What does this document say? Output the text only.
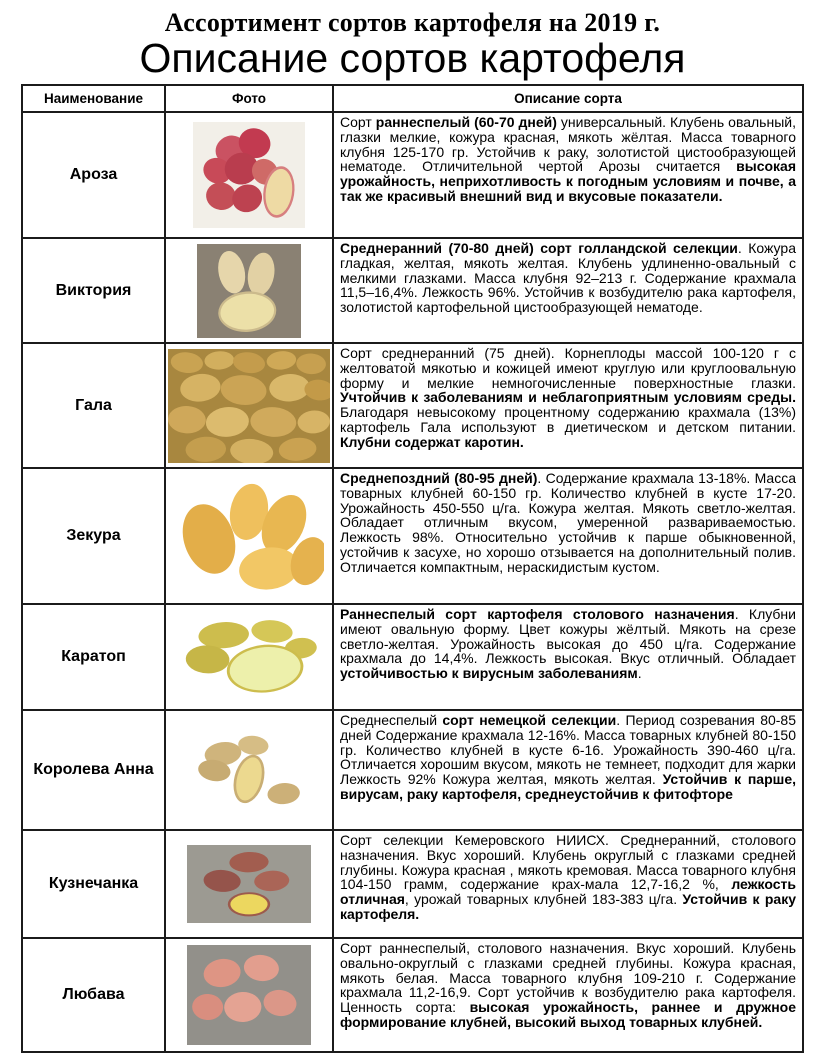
Ассортимент сортов картофеля на 2019 г.
Описание сортов картофеля
Наименование	Фото	Описание сорта
Ароза		Сорт раннеспелый (60-70 дней) универсальный. Клубень овальный, глазки мелкие, кожура красная, мякоть жёлтая. Масса товарного клубня 125-170 гр. Устойчив к раку, золотистой цистообразующей нематоде. Отличительной чертой Арозы считается высокая урожайность, неприхотливость к погодным условиям и почве, а так же красивый внешний вид и вкусовые показатели.
Виктория		Среднеранний (70-80 дней) сорт голландской селекции. Кожура гладкая, желтая, мякоть желтая. Клубень удлиненно-овальный с мелкими глазками. Масса клубня 92–213 г. Содержание крахмала 11,5–16,4%. Лежкость 96%. Устойчив к возбудителю рака картофеля, золотистой картофельной цистообразующей нематоде.
Гала		Сорт среднеранний (75 дней). Корнеплоды массой 100-120 г с желтоватой мякотью и кожицей имеют круглую или круглоовальную форму и мелкие немногочисленные поверхностные глазки. Учтойчив к заболеваниям и неблагоприятным условиям среды. Благодаря невысокому процентному содержанию крахмала (13%) картофель Гала используют в диетическом и детском питании. Клубни содержат каротин.
Зекура		Среднепоздний (80-95 дней). Содержание крахмала 13-18%. Масса товарных клубней 60-150 гр. Количество клубней в кусте 17-20. Урожайность 450-550 ц/га. Кожура желтая. Мякоть светло-желтая. Обладает отличным вкусом, умеренной развариваемостью. Лежкость 98%. Относительно устойчив к парше обыкновенной, устойчив к засухе, но хорошо отзывается на дополнительный полив. Отличается компактным, нераскидистым кустом.
Каратоп		Раннеспелый сорт картофеля столового назначения. Клубни имеют овальную форму. Цвет кожуры жёлтый. Мякоть на срезе светло-желтая. Урожайность высокая до 450 ц/га. Содержание крахмала до 14,4%. Лежкость высокая. Вкус отличный. Обладает устойчивостью к вирусным заболеваниям.
Королева Анна		Среднеспелый сорт немецкой селекции. Период созревания 80-85 дней Содержание крахмала 12-16%. Масса товарных клубней 80-150 гр. Количество клубней в кусте 6-16. Урожайность 390-460 ц/га. Отличается хорошим вкусом, мякоть не темнеет, подходит для жарки Лежкость 92% Кожура желтая, мякоть желтая. Устойчив к парше, вирусам, раку картофеля, среднеустойчив к фитофторе
Кузнечанка		Сорт селекции Кемеровского НИИСХ. Среднеранний, столового назначения. Вкус хороший. Клубень округлый с глазками средней глубины. Кожура красная , мякоть кремовая. Масса товарного клубня 104-150 грамм, содержание крах-мала 12,7-16,2 %, лежкость отличная, урожай товарных клубней 183-383 ц/га. Устойчив к раку картофеля.
Любава		Сорт раннеспелый, столового назначения. Вкус хороший. Клубень овально-округлый с глазками средней глубины. Кожура красная, мякоть белая. Масса товарного клубня 109-210 г. Содержание крахмала 11,2-16,9. Сорт устойчив к возбудителю рака картофеля. Ценность сорта: высокая урожайность, раннее и дружное формирование клубней, высокий выход товарных клубней.
